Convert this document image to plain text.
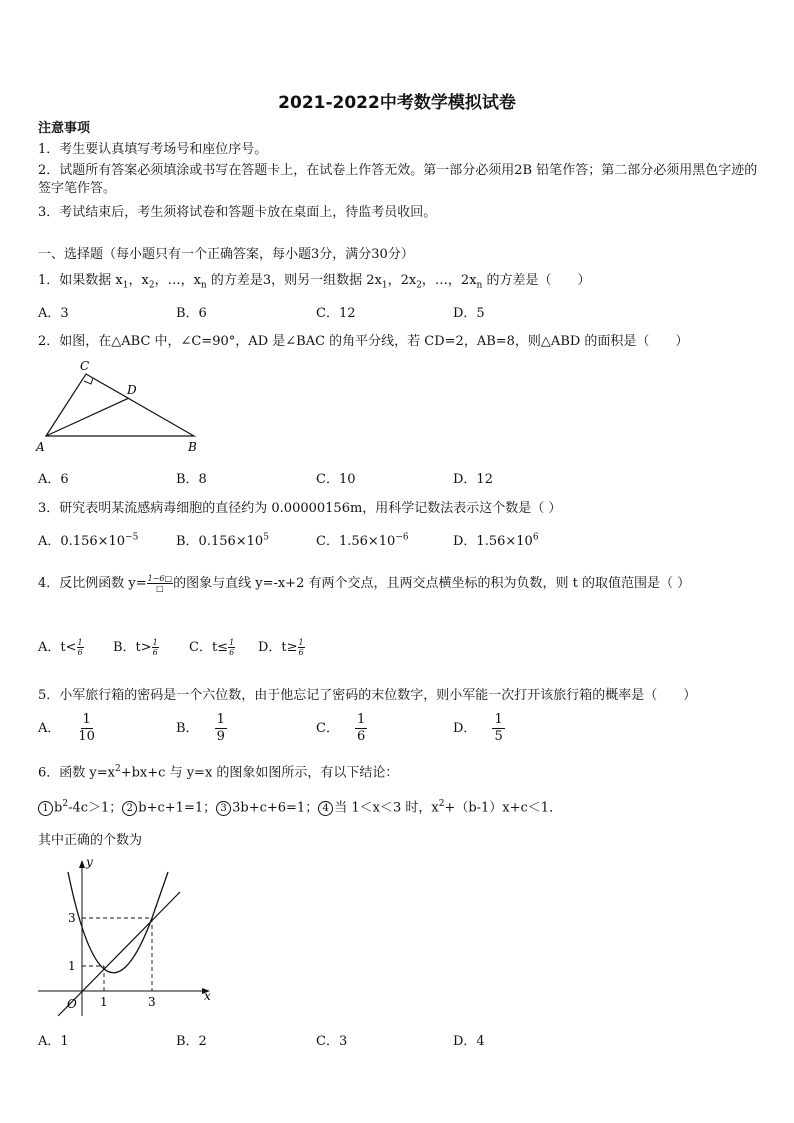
2021-2022中考数学模拟试卷
注意事项
1．考生要认真填写考场号和座位序号。
2．试题所有答案必须填涂或书写在答题卡上，在试卷上作答无效。第一部分必须用2B 铅笔作答；第二部分必须用黑色字迹的签字笔作答。
3．考试结束后，考生须将试卷和答题卡放在桌面上，待监考员收回。
一、选择题（每小题只有一个正确答案，每小题3分，满分30分）
1．如果数据 $x_1$，$x_2$，…，$x_n$ 的方差是3，则另一组数据 $2x_1$，$2x_2$，…，$2x_n$ 的方差是（　　）
A．3	B．6	C．12	D．5
2．如图，在△ABC 中，∠C=90°，AD 是∠BAC 的角平分线，若 CD=2，AB=8，则△ABD 的面积是（　　）
C
D
A	B
A．6	B．8	C．10	D．12
3．研究表明某流感病毒细胞的直径约为 0.00000156m，用科学记数法表示这个数是（ ）
A．$0.156\times 10^{-5}$	B．$0.156\times 10^5$	C．$1.56\times 10^{-6}$	D．$1.56\times 10^6$
4．反比例函数 y= 1−6□
□ 的图象与直线 y=-x+2 有两个交点，且两交点横坐标的积为负数，则 t 的取值范围是（ ）
A．$t< \frac{1}{6}$ B．$t> \frac{1}{6}$ C．$t\le \frac{1}{6}$ D．$t\ge \frac{1}{6}$
5．小军旅行箱的密码是一个六位数，由于他忘记了密码的末位数字，则小军能一次打开该旅行箱的概率是（　　）
A． $\frac{1}{10}$	B． $\frac{1}{9}$	C． $\frac{1}{6}$	D． $\frac{1}{5}$
6．函数 $y=x^2+bx+c$ 与 y=x 的图象如图所示，有以下结论：
1 $b^2-4c>1$； 2 b+c+1=1； 3 3b+c+6=1； 4 当 1＜x＜3 时，$x^2+(b-1)x+c<1$．
其中正确的个数为
y
x
O 1	3
1
3
A．1	B．2	C．3	D．4
